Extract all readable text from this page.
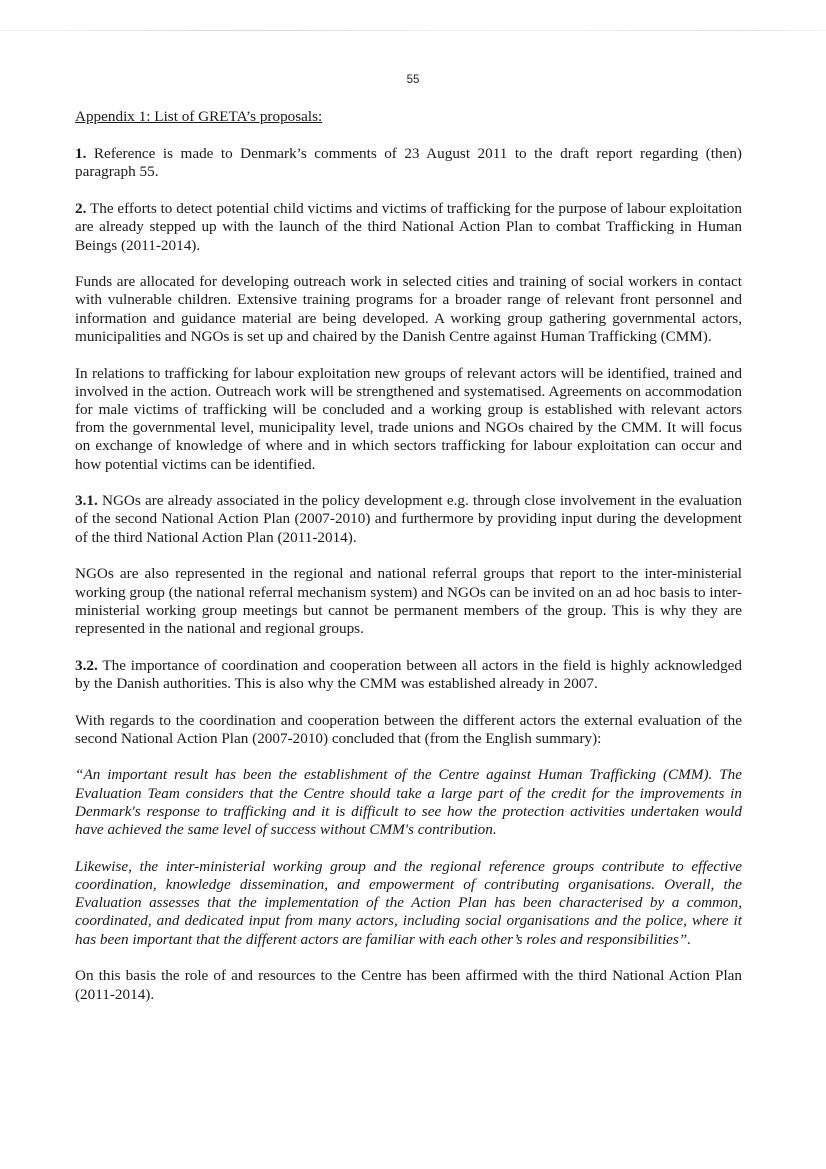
55
Appendix 1: List of GRETA’s proposals:

1. Reference is made to Denmark’s comments of 23 August 2011 to the draft report regarding (then) paragraph 55.

2. The efforts to detect potential child victims and victims of trafficking for the purpose of labour exploitation are already stepped up with the launch of the third National Action Plan to combat Trafficking in Human Beings (2011-2014).

Funds are allocated for developing outreach work in selected cities and training of social workers in contact with vulnerable children. Extensive training programs for a broader range of relevant front personnel and information and guidance material are being developed. A working group gathering governmental actors, municipalities and NGOs is set up and chaired by the Danish Centre against Human Trafficking (CMM).

In relations to trafficking for labour exploitation new groups of relevant actors will be identified, trained and involved in the action. Outreach work will be strengthened and systematised. Agreements on accommodation for male victims of trafficking will be concluded and a working group is established with relevant actors from the governmental level, municipality level, trade unions and NGOs chaired by the CMM. It will focus on exchange of knowledge of where and in which sectors trafficking for labour exploitation can occur and how potential victims can be identified.

3.1. NGOs are already associated in the policy development e.g. through close involvement in the evaluation of the second National Action Plan (2007-2010) and furthermore by providing input during the development of the third National Action Plan (2011-2014).

NGOs are also represented in the regional and national referral groups that report to the inter-ministerial working group (the national referral mechanism system) and NGOs can be invited on an ad hoc basis to inter-ministerial working group meetings but cannot be permanent members of the group. This is why they are represented in the national and regional groups.

3.2. The importance of coordination and cooperation between all actors in the field is highly acknowledged by the Danish authorities. This is also why the CMM was established already in 2007.

With regards to the coordination and cooperation between the different actors the external evaluation of the second National Action Plan (2007-2010) concluded that (from the English summary):

“An important result has been the establishment of the Centre against Human Trafficking (CMM). The Evaluation Team considers that the Centre should take a large part of the credit for the improvements in Denmark's response to trafficking and it is difficult to see how the protection activities undertaken would have achieved the same level of success without CMM's contribution.

Likewise, the inter-ministerial working group and the regional reference groups contribute to effective coordination, knowledge dissemination, and empowerment of contributing organisations. Overall, the Evaluation assesses that the implementation of the Action Plan has been characterised by a common, coordinated, and dedicated input from many actors, including social organisations and the police, where it has been important that the different actors are familiar with each other’s roles and responsibilities”.

On this basis the role of and resources to the Centre has been affirmed with the third National Action Plan (2011-2014).
